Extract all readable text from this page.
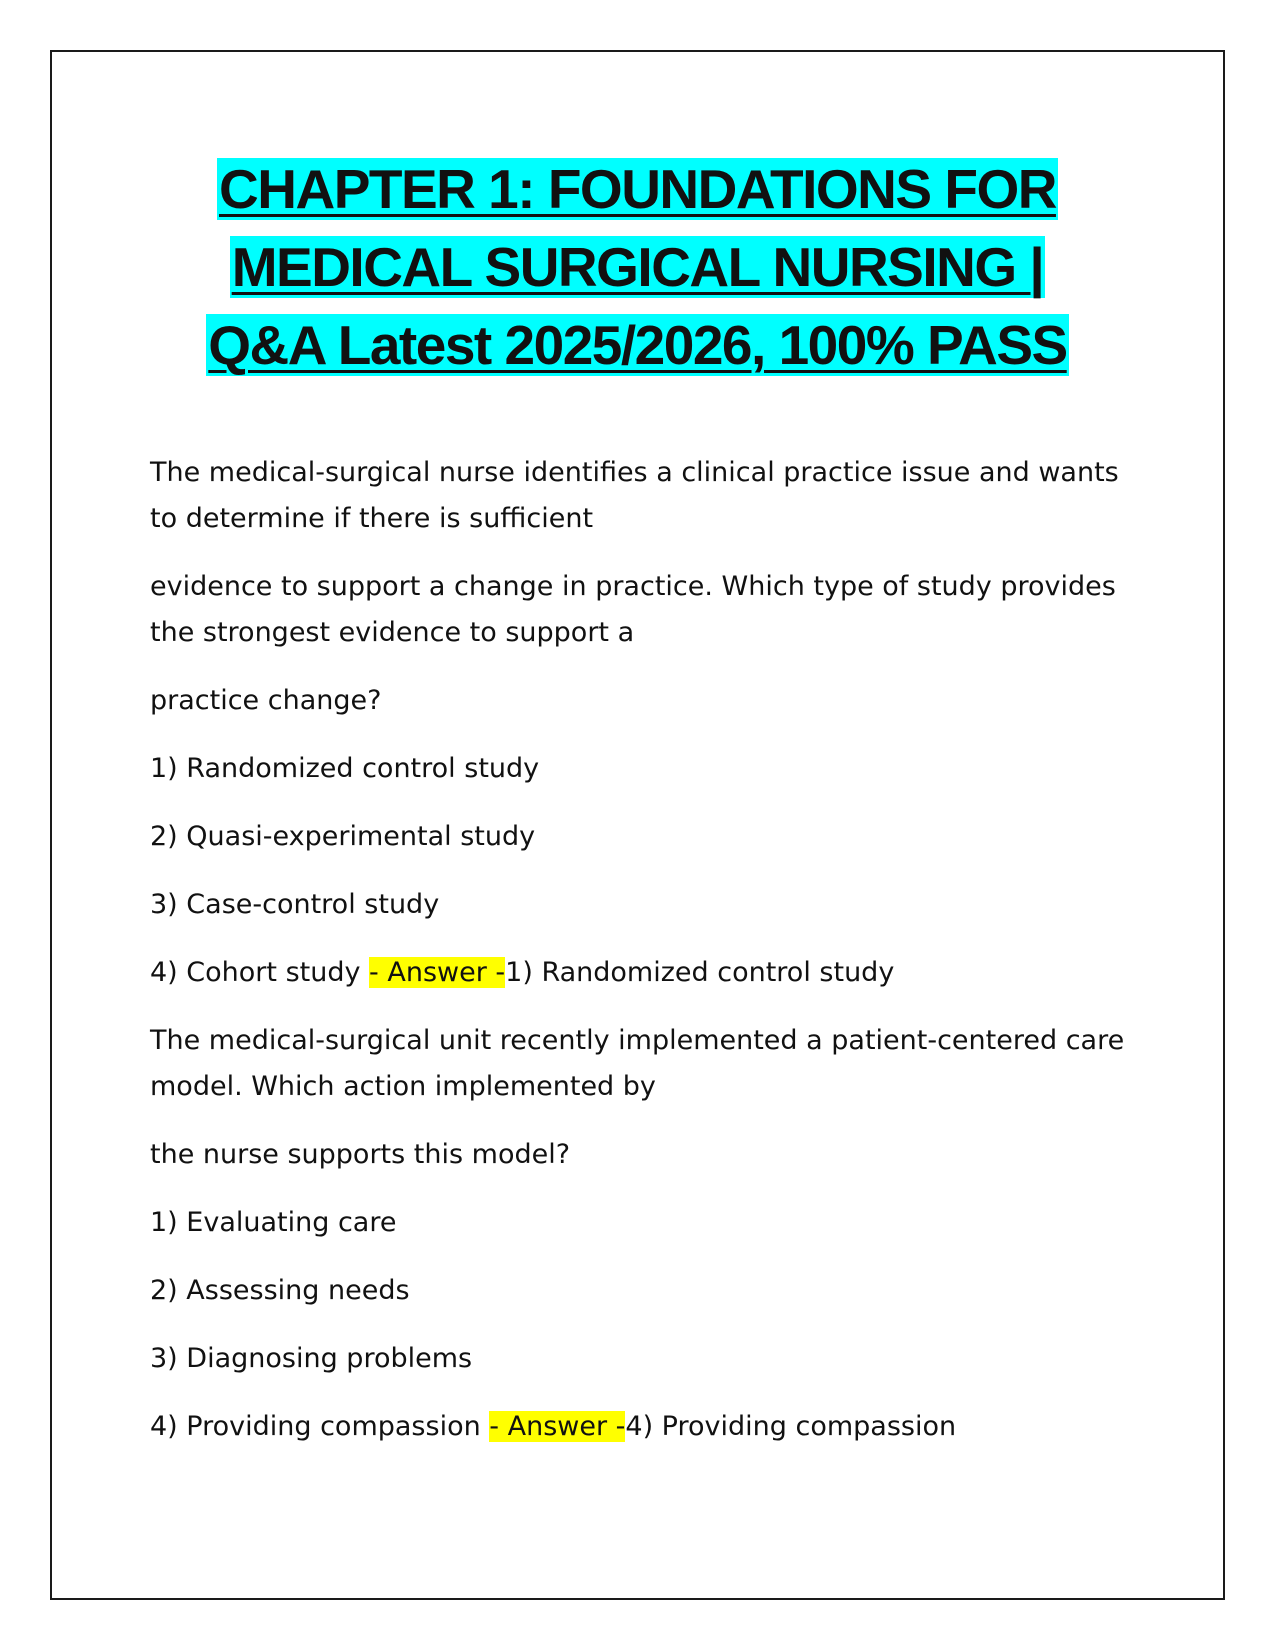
CHAPTER 1: FOUNDATIONS FOR
MEDICAL SURGICAL NURSING |
Q&A Latest 2025/2026, 100% PASS

The medical-surgical nurse identifies a clinical practice issue and wants to determine if there is sufficient

evidence to support a change in practice. Which type of study provides the strongest evidence to support a

practice change?

1) Randomized control study

2) Quasi-experimental study

3) Case-control study

4) Cohort study - Answer -1) Randomized control study

The medical-surgical unit recently implemented a patient-centered care model. Which action implemented by

the nurse supports this model?

1) Evaluating care

2) Assessing needs

3) Diagnosing problems

4) Providing compassion - Answer -4) Providing compassion
